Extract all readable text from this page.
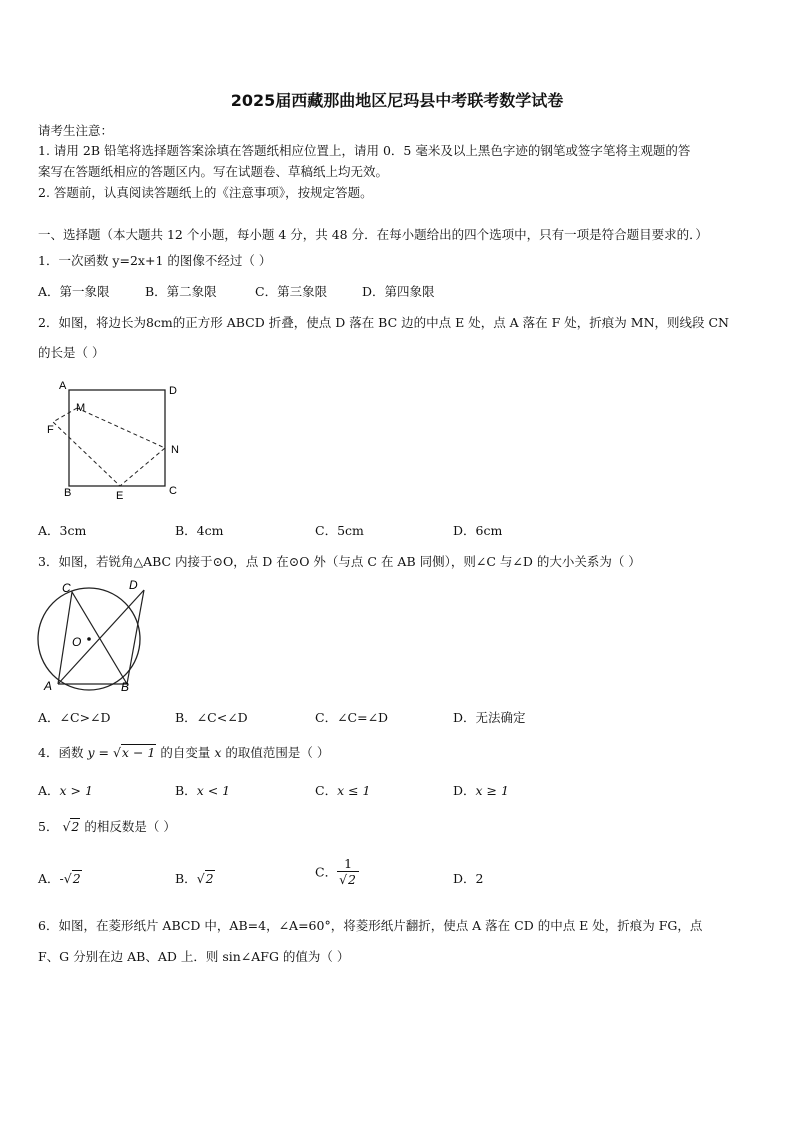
2025届西藏那曲地区尼玛县中考联考数学试卷
请考生注意：
1. 请用 2B 铅笔将选择题答案涂填在答题纸相应位置上，请用 0．5 毫米及以上黑色字迹的钢笔或签字笔将主观题的答
案写在答题纸相应的答题区内。写在试题卷、草稿纸上均无效。
2. 答题前，认真阅读答题纸上的《注意事项》，按规定答题。
一、选择题（本大题共 12 个小题，每小题 4 分，共 48 分．在每小题给出的四个选项中，只有一项是符合题目要求的．）
1．一次函数 y=2x+1 的图像不经过（ ）
A．第一象限	B．第二象限	C．第三象限	D．第四象限
2．如图，将边长为8cm的正方形 ABCD 折叠，使点 D 落在 BC 边的中点 E 处，点 A 落在 F 处，折痕为 MN，则线段 CN
的长是（ ）
A	D
M
F
N
B	E	C
A．3cm	B．4cm	C．5cm	D．6cm
3．如图，若锐角△ABC 内接于⊙O，点 D 在⊙O 外（与点 C 在 AB 同侧），则∠C 与∠D 的大小关系为（ ）
C	D
O
A	B
A．∠C>∠D	B．∠C<∠D	C．∠C=∠D	D．无法确定
4．函数 y = √x − 1 的自变量 x 的取值范围是（ ）
A．x > 1	B．x < 1	C．x ≤ 1	D．x ≥ 1
5． √2 的相反数是（ ）
A．-√2	B．√2	C． $\frac{1}{√2}$	D．2
6．如图，在菱形纸片 ABCD 中，AB=4，∠A=60°，将菱形纸片翻折，使点 A 落在 CD 的中点 E 处，折痕为 FG，点
F、G 分别在边 AB、AD 上．则 sin∠AFG 的值为（ ）
